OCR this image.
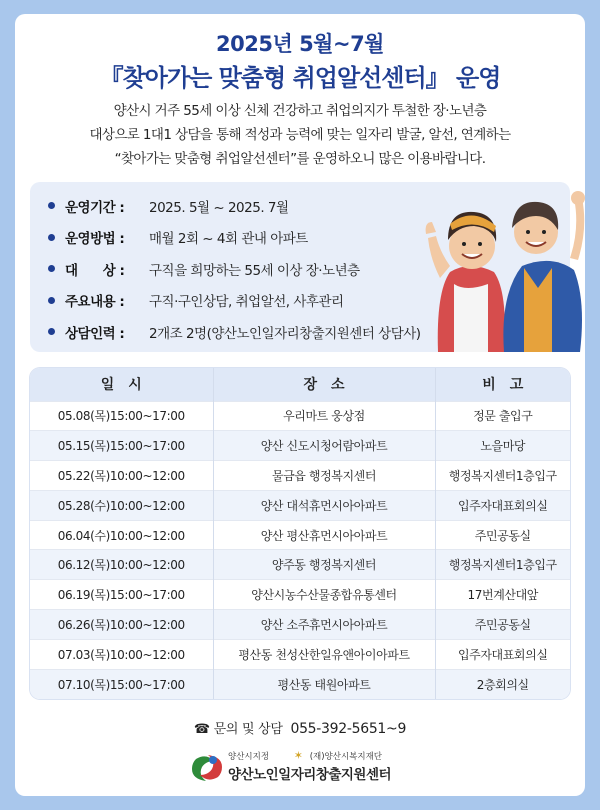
2025년 5월~7월
『찾아가는 맞춤형 취업알선센터』 운영
양산시 거주 55세 이상 신체 건강하고 취업의지가 투철한 장·노년층
대상으로 1대1 상담을 통해 적성과 능력에 맞는 일자리 발굴, 알선, 연계하는
“찾아가는 맞춤형 취업알선센터”를 운영하오니 많은 이용바랍니다.
운영기간 :	2025. 5월 ~ 2025. 7월
운영방법 :	매월 2회 ~ 4회 관내 아파트
대      상 :	구직을 희망하는 55세 이상 장·노년층
주요내용 :	구직·구인상담, 취업알선, 사후관리
상담인력 :	2개조 2명(양산노인일자리창출지원센터 상담사)
일시	장소	비고
05.08(목)15:00~17:00	우리마트 웅상점	정문 출입구
05.15(목)15:00~17:00	양산 신도시청어람아파트	노을마당
05.22(목)10:00~12:00	물금읍 행정복지센터	행정복지센터1층입구
05.28(수)10:00~12:00	양산 대석휴먼시아아파트	입주자대표회의실
06.04(수)10:00~12:00	양산 평산휴먼시아아파트	주민공동실
06.12(목)10:00~12:00	양주동 행정복지센터	행정복지센터1층입구
06.19(목)15:00~17:00	양산시농수산물종합유통센터	17번계산대앞
06.26(목)10:00~12:00	양산 소주휴먼시아아파트	주민공동실
07.03(목)10:00~12:00	평산동 천성산한일유앤아이아파트	입주자대표회의실
07.10(목)15:00~17:00	평산동 태원아파트	2층회의실
☎ 문의 및 상담 055-392-5651~9
양산시지정 ✶ (재)양산시복지재단
양산노인일자리창출지원센터
